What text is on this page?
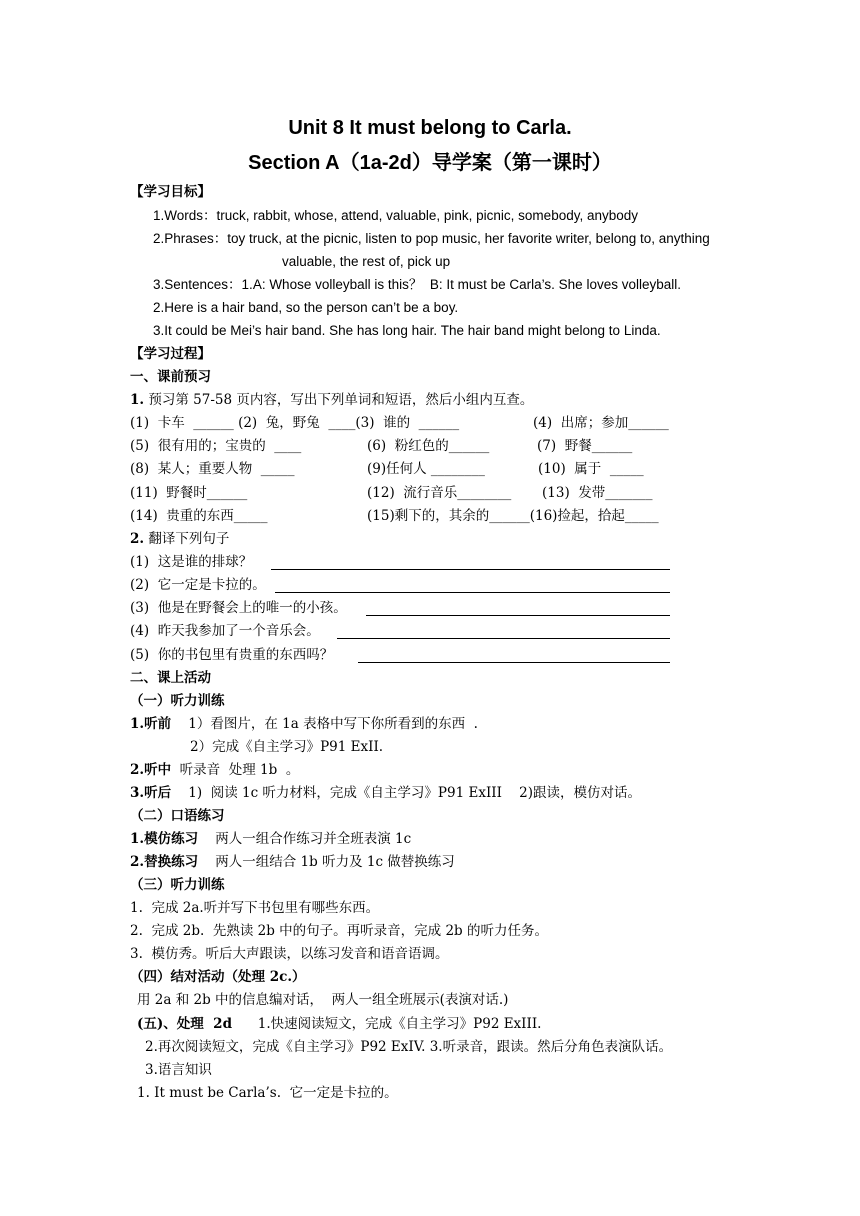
Unit 8 It must belong to Carla.
Section A（1a-2d）导学案（第一课时）
【学习目标】
1.Words：truck, rabbit, whose, attend, valuable, pink, picnic, somebody, anybody
2.Phrases：toy truck, at the picnic, listen to pop music, her favorite writer, belong to, anything
valuable, the rest of, pick up
3.Sentences：1.A: Whose volleyball is this？  B: It must be Carla’s. She loves volleyball.
2.Here is a hair band, so the person can’t be a boy.
3.It could be Mei’s hair band. She has long hair. The hair band might belong to Linda.
【学习过程】
一、课前预习
1. 预习第 57-58 页内容，写出下列单词和短语，然后小组内互查。
(1)  卡车  ______ (2)  兔，野兔  ____(3)  谁的  ______	(4)  出席；参加______
(5)  很有用的；宝贵的  ____	(6)  粉红色的______	(7)  野餐______
(8)  某人；重要人物  _____	(9)任何人 ________	(10)  属于  _____
(11)  野餐时______	(12)  流行音乐________ (13)  发带_______
(14)  贵重的东西_____	(15)剩下的，其余的______(16)捡起，拾起_____
2. 翻译下列句子
(1)  这是谁的排球？
(2)  它一定是卡拉的。
(3)  他是在野餐会上的唯一的小孩。
(4)  昨天我参加了一个音乐会。
(5)  你的书包里有贵重的东西吗？
二、课上活动
（一）听力训练
1.听前    1）看图片，在 1a 表格中写下你所看到的东西  .
2）完成《自主学习》P91 ExII.
2.听中  听录音  处理 1b  。
3.听后    1)  阅读 1c 听力材料，完成《自主学习》P91 ExIII    2)跟读，模仿对话。
（二）口语练习
1.模仿练习    两人一组合作练习并全班表演 1c
2.替换练习    两人一组结合 1b 听力及 1c 做替换练习
（三）听力训练
1.  完成 2a.听并写下书包里有哪些东西。
2.  完成 2b.  先熟读 2b 中的句子。再听录音，完成 2b 的听力任务。
3.  模仿秀。听后大声跟读，以练习发音和语音语调。
（四）结对活动（处理 2c.）
用 2a 和 2b 中的信息编对话，  两人一组全班展示(表演对话.)
(五)、处理  2d      1.快速阅读短文，完成《自主学习》P92 ExIII.
2.再次阅读短文，完成《自主学习》P92 ExIV. 3.听录音，跟读。然后分角色表演队话。
3.语言知识
1. It must be Carla’s.  它一定是卡拉的。
